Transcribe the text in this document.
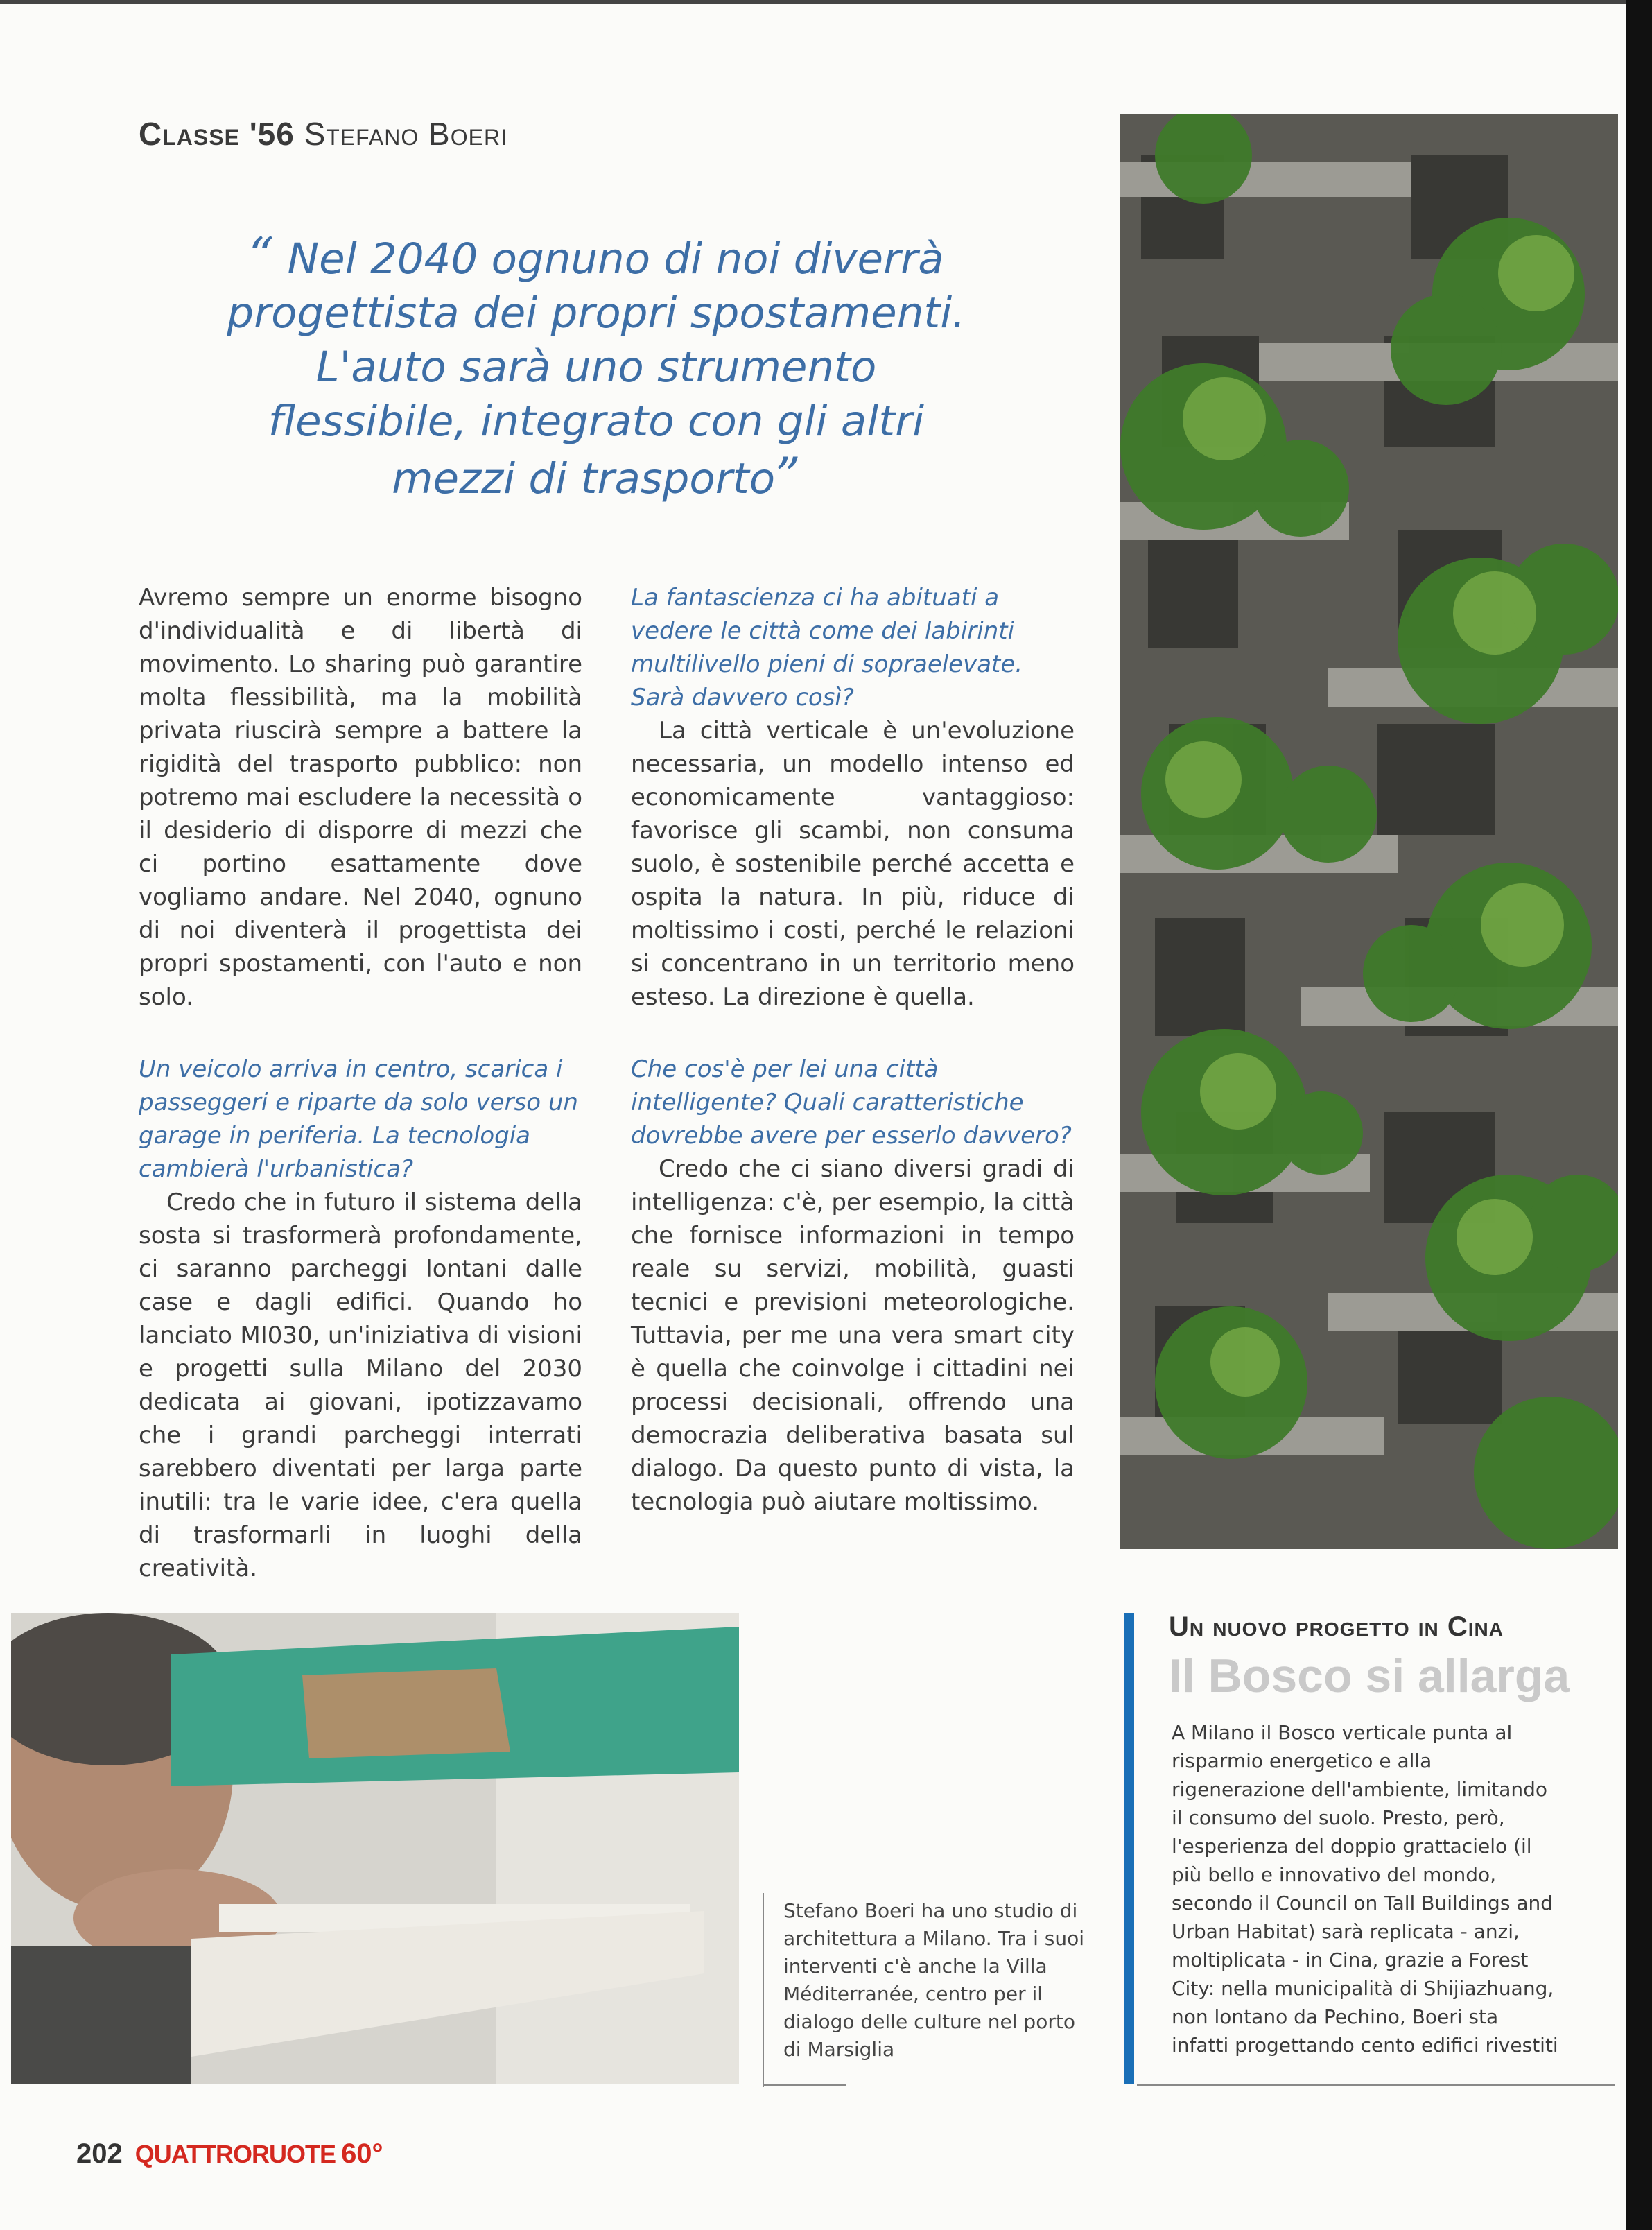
Classe '56 Stefano Boeri
“ Nel 2040 ognuno di noi diverrà
progettista dei propri spostamenti.
L'auto sarà uno strumento
flessibile, integrato con gli altri
mezzi di trasporto”

Avremo sempre un enorme bisogno d'individualità e di libertà di movimento. Lo sharing può garantire molta flessibilità, ma la mobilità privata riuscirà sempre a battere la rigidità del trasporto pubblico: non potremo mai escludere la necessità o il desiderio di disporre di mezzi che ci portino esattamente dove vogliamo andare. Nel 2040, ognuno di noi diventerà il progettista dei propri spostamenti, con l'auto e non solo.

Un veicolo arriva in centro, scarica i passeggeri e riparte da solo verso un garage in periferia. La tecnologia cambierà l'urbanistica?

Credo che in futuro il sistema della sosta si trasformerà profondamente, ci saranno parcheggi lontani dalle case e dagli edifici. Quando ho lanciato MI030, un'iniziativa di visioni e progetti sulla Milano del 2030 dedicata ai giovani, ipotizzavamo che i grandi parcheggi interrati sarebbero diventati per larga parte inutili: tra le varie idee, c'era quella di trasformarli in luoghi della creatività.

La fantascienza ci ha abituati a vedere le città come dei labirinti multilivello pieni di sopraelevate. Sarà davvero così?

La città verticale è un'evoluzione necessaria, un modello intenso ed economicamente vantaggioso: favorisce gli scambi, non consuma suolo, è sostenibile perché accetta e ospita la natura. In più, riduce di moltissimo i costi, perché le relazioni si concentrano in un territorio meno esteso. La direzione è quella.

Che cos'è per lei una città intelligente? Quali caratteristiche dovrebbe avere per esserlo davvero?

Credo che ci siano diversi gradi di intelligenza: c'è, per esempio, la città che fornisce informazioni in tempo reale su servizi, mobilità, guasti tecnici e previsioni meteorologiche. Tuttavia, per me una vera smart city è quella che coinvolge i cittadini nei processi decisionali, offrendo una democrazia deliberativa basata sul dialogo. Da questo punto di vista, la tecnologia può aiutare moltissimo.

Stefano Boeri ha uno studio di architettura a Milano. Tra i suoi interventi c'è anche la Villa Méditerranée, centro per il dialogo delle culture nel porto di Marsiglia
Un nuovo progetto in Cina
Il Bosco si allarga
A Milano il Bosco verticale punta al risparmio energetico e alla rigenerazione dell'ambiente, limitando il consumo del suolo. Presto, però, l'esperienza del doppio grattacielo (il più bello e innovativo del mondo, secondo il Council on Tall Buildings and Urban Habitat) sarà replicata - anzi, moltiplicata - in Cina, grazie a Forest City: nella municipalità di Shijiazhuang, non lontano da Pechino, Boeri sta infatti progettando cento edifici rivestiti
202 QUATTRORUOTE 60°
